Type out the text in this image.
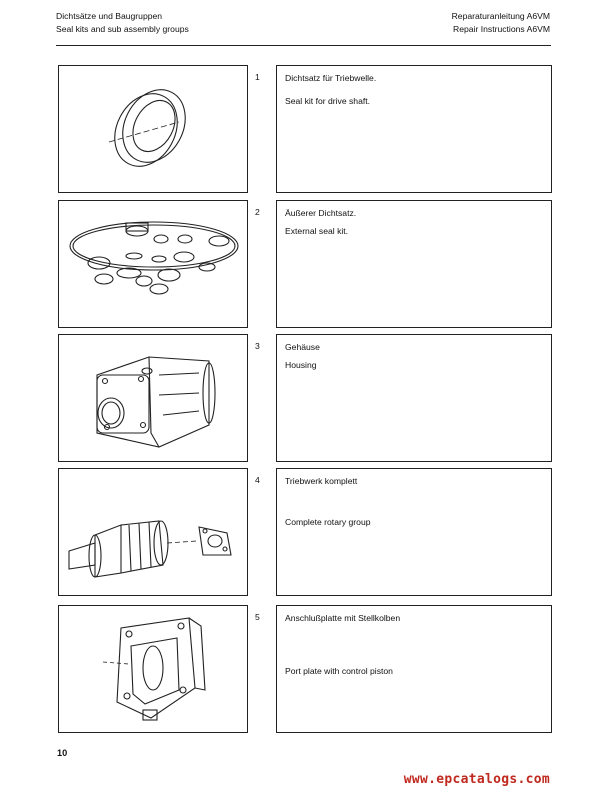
Dichtsätze und Baugruppen
Seal kits and sub assembly groups
Reparaturanleitung A6VM
Repair Instructions A6VM
1	Dichtsatz für Triebwelle.
Seal kit for drive shaft.
2	Äußerer Dichtsatz.
External seal kit.
3	Gehäuse
Housing
4	Triebwerk komplett
Complete rotary group
5	Anschlußplatte mit Stellkolben
Port plate with control piston
10
www.epcatalogs.com
